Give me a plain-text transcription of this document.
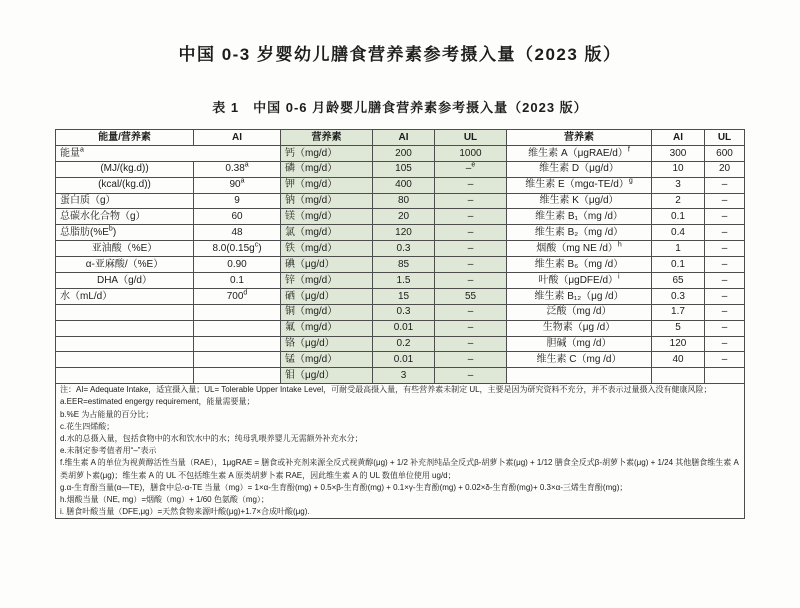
中国 0-3 岁婴幼儿膳食营养素参考摄入量（2023 版）
表 1　中国 0-6 月龄婴儿膳食营养素参考摄入量（2023 版）
能量/营养素	AI	营养素	AI	UL	营养素	AI	UL
能量$^a$		钙（mg/d）	200	1000	维生素 A（μgRAE/d）$^f$	300	600
(MJ/(kg.d))	0.38$^a$	磷（mg/d）	105	–$^e$	维生素 D（μg/d）	10	20
(kcal/(kg.d))	90$^a$	钾（mg/d）	400	–	维生素 $E(mg\alpha-TE/d)^g$	3	–
蛋白质（g）	9	钠（mg/d）	80	–	维生素 K（μg/d）	2	–
总碳水化合物（g）	60	镁（mg/d）	20	–	维生素 B₁（mg /d）	0.1	–
总脂肪$(\%E^b)$	48	氯（mg/d）	120	–	维生素 B₂（mg /d）	0.4	–
亚油酸（%E）	$8.0(0.15g^c)$	铁（mg/d）	0.3	–	烟酸（mg NE /d）$^h$	1	–
α-亚麻酸/（%E）	0.90	碘（μg/d）	85	–	维生素 B₆（mg /d）	0.1	–
DHA（g/d）	0.1	锌（mg/d）	1.5	–	叶酸（μgDFE/d）$^i$	65	–
水（mL/d）	700$^d$	硒（μg/d）	15	55	维生素 B₁₂（μg /d）	0.3	–
		铜（mg/d）	0.3	–	泛酸（mg /d）	1.7	–
		氟（mg/d）	0.01	–	生物素（μg /d）	5	–
		铬（μg/d）	0.2	–	胆碱（mg /d）	120	–
		锰（mg/d）	0.01	–	维生素 C（mg /d）	40	–
		钼（μg/d）	3	–			

注：AI= Adequate Intake，适宜摄入量；UL= Tolerable Upper Intake Level，可耐受最高摄入量，有些营养素未制定 UL，主要是因为研究资料不充分，并不表示过量摄入没有健康风险；
a.EER=estimated engergy requirement，能量需要量；
b.%E 为占能量的百分比；
c.花生四烯酸；
d.水的总摄入量，包括食物中的水和饮水中的水；纯母乳喂养婴儿无需额外补充水分；
e.未制定参考值者用“–”表示
f.维生素 A 的单位为视黄醇活性当量（RAE），1μgRAE = 膳食或补充剂来源全反式视黄醇(μg) + 1/2 补充剂纯品全反式β-胡萝卜素(μg) + 1/12 膳食全反式β-胡萝卜素(μg) + 1/24 其他膳食维生素 A 类胡萝卜素(μg)；维生素 A 的 UL 不包括维生素 A 原类胡萝卜素 RAE，因此维生素 A 的 UL 数值单位使用 ug/d；
g.α-生育酚当量(α—TE)，膳食中总-α-TE 当量（mg）= 1×α-生育酚(mg) + 0.5×β-生育酚(mg) + 0.1×γ-生育酚(mg) + 0.02×δ-生育酚(mg)+ 0.3×α-三烯生育酚(mg)；
h.烟酸当量（NE, mg）=烟酸（mg）+ 1/60 色氨酸（mg）；
i. 膳食叶酸当量（DFE,μg）=天然食物来源叶酸(μg)+1.7×合成叶酸(μg).
